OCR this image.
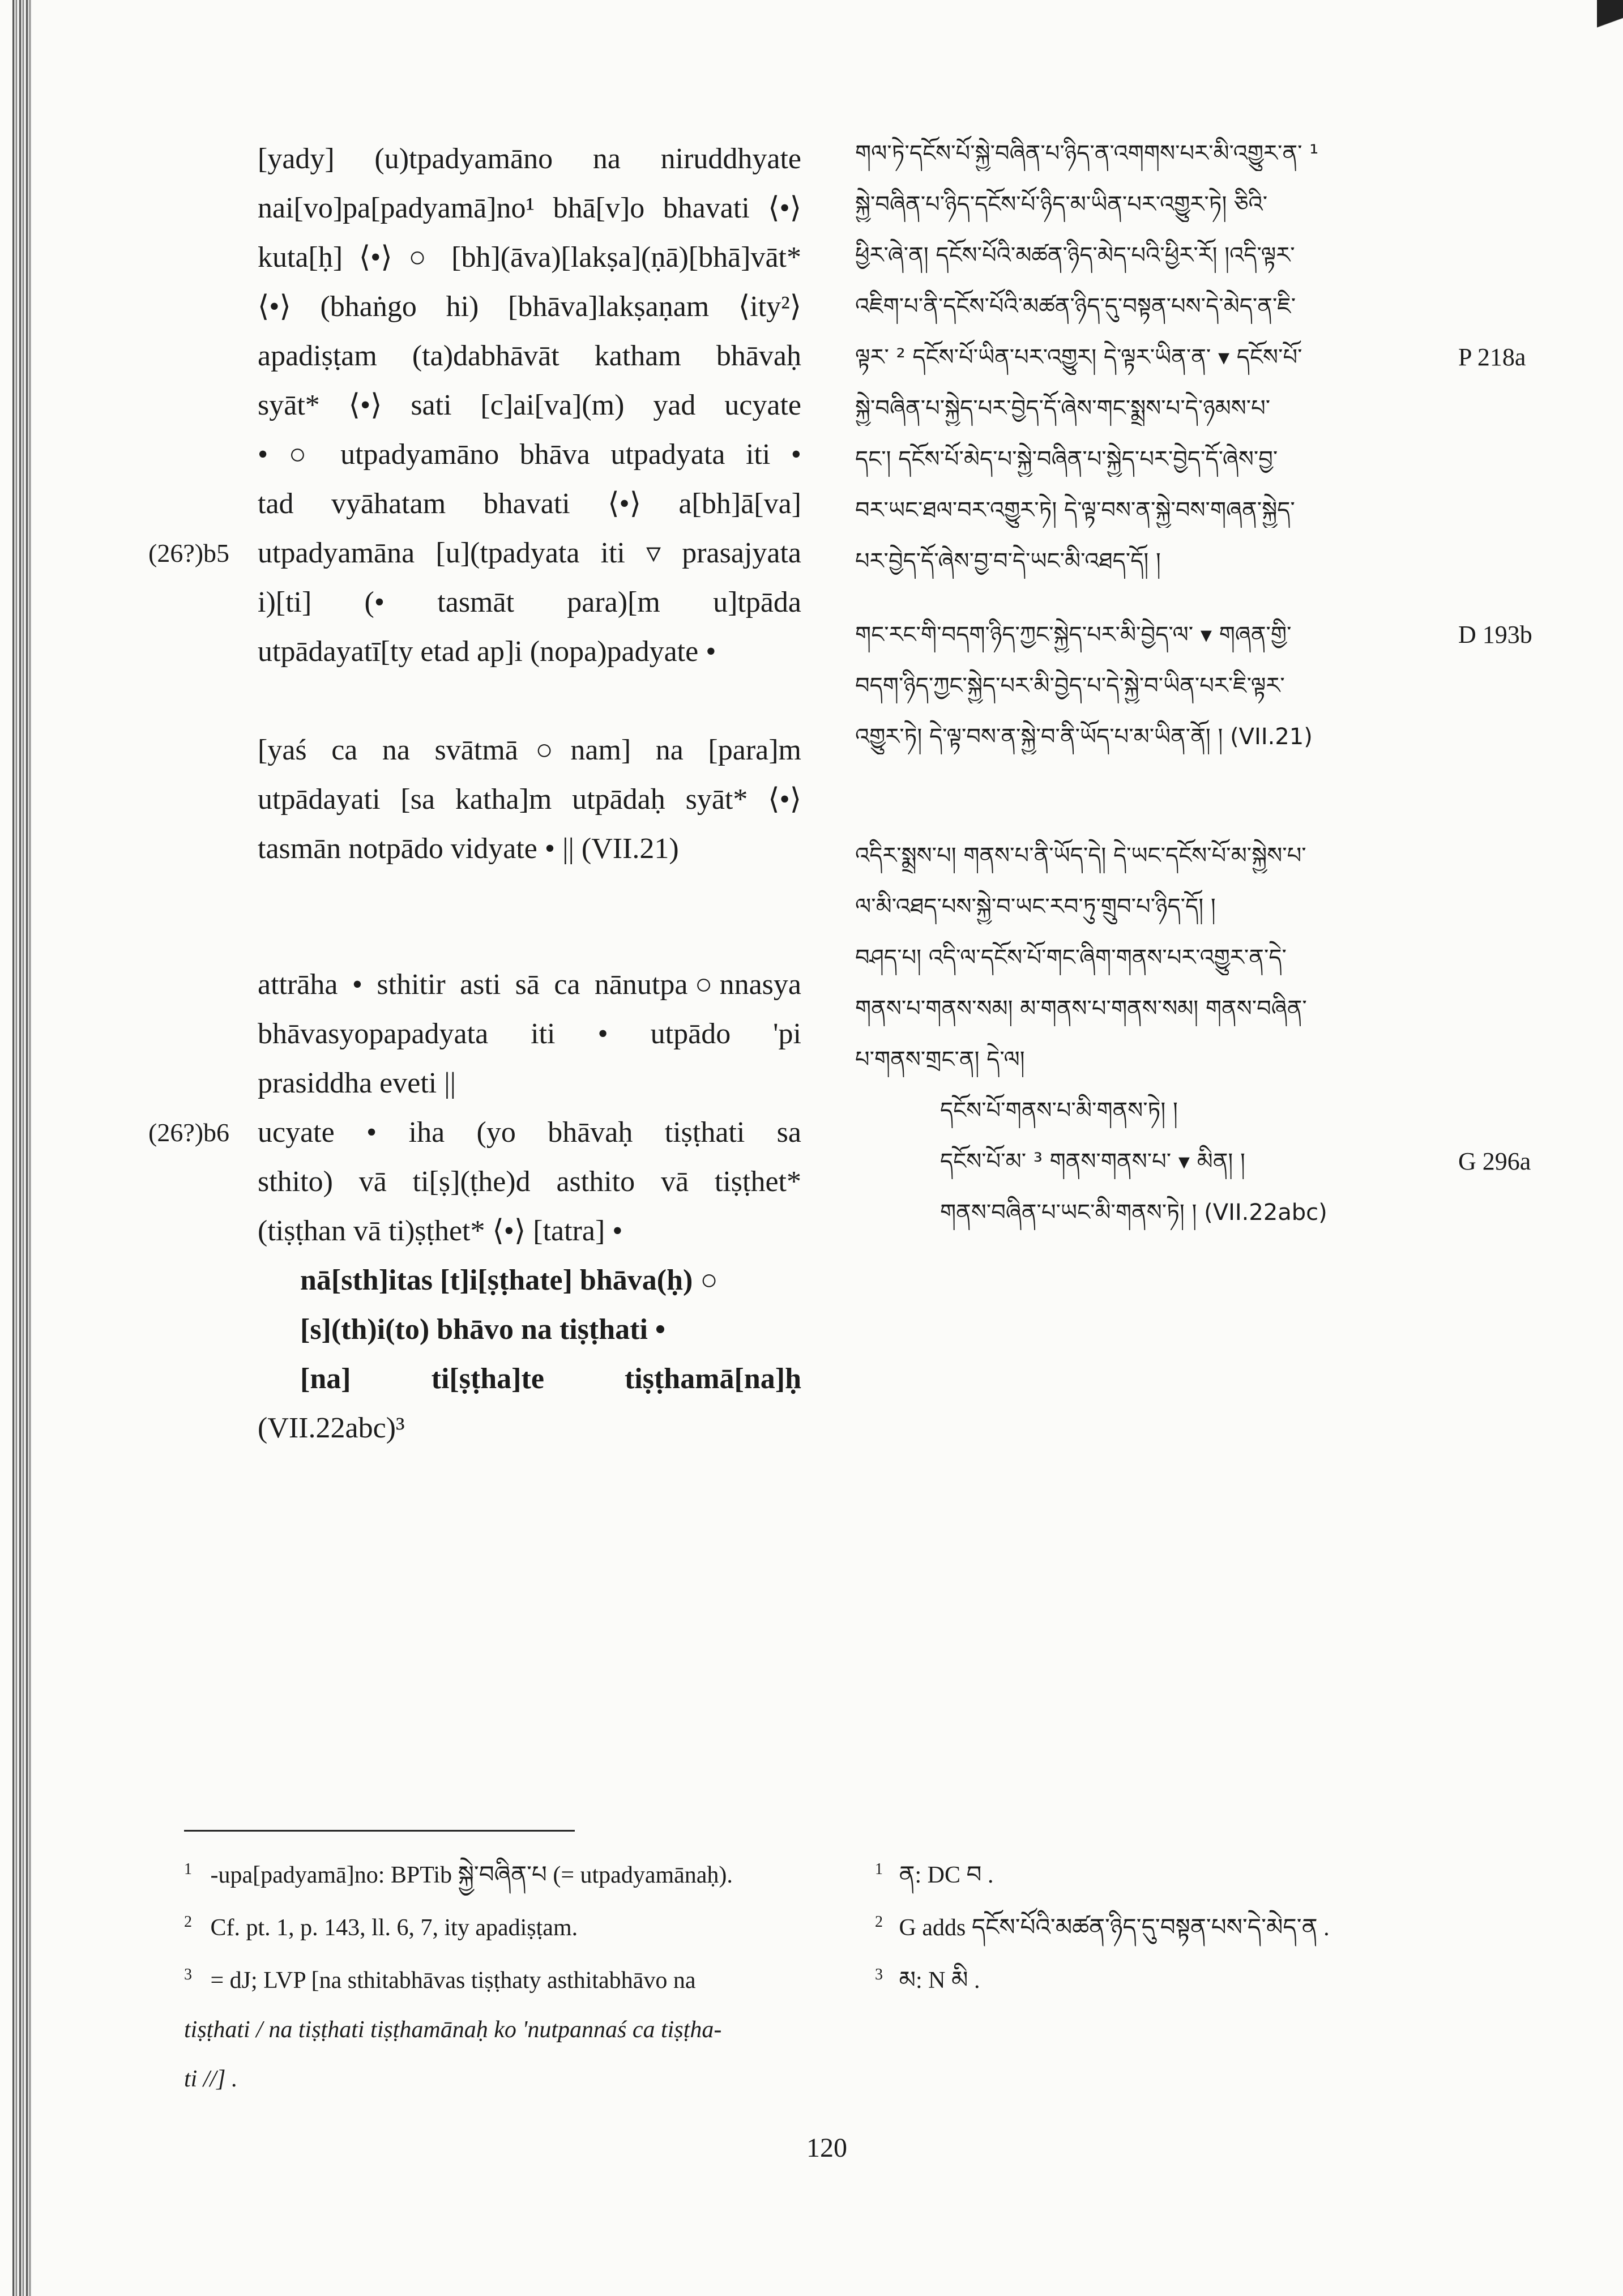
[yady] (u)tpadyamāno na niruddhyate
nai[vo]pa[padyamā]no¹ bhā[v]o bhavati ⟨•⟩
kuta[ḥ] ⟨•⟩ ○ [bh](āva)[lakṣa](ṇā)[bhā]vāt*
⟨•⟩ (bhaṅgo hi) [bhāva]lakṣaṇam ⟨ity²⟩
apadiṣṭam (ta)dabhāvāt katham bhāvaḥ
syāt* ⟨•⟩ sati [c]ai[va](m) yad ucyate
• ○ utpadyamāno bhāva utpadyata iti •
tad vyāhatam bhavati ⟨•⟩ a[bh]ā[va]
(26?)b5 utpadyamāna [u](tpadyata iti ▿ prasajyata
i)[ti] (• tasmāt para)[m u]tpāda
utpādayatī[ty etad ap]i (nopa)padyate •
[yaś ca na svātmā○nam] na [para]m
utpādayati [sa katha]m utpādaḥ syāt* ⟨•⟩
tasmān notpādo vidyate • || (VII.21)
attrāha • sthitir asti sā ca nānutpa○nnasya
bhāvasyopapadyata iti • utpādo 'pi
prasiddha eveti ||
(26?)b6 ucyate • iha (yo bhāvaḥ tiṣṭhati sa
sthito) vā ti[ṣ](ṭhe)d asthito vā tiṣṭhet*
(tiṣṭhan vā ti)ṣṭhet* ⟨•⟩ [tatra] •
nā[sth]itas [t]i[ṣṭhate] bhāva(ḥ) ○
[s](th)i(to) bhāvo na tiṣṭhati •
[na] ti[ṣṭha]te tiṣṭhamā[na]ḥ
(VII.22abc)³
གལ་ཏེ་དངོས་པོ་སྐྱེ་བཞིན་པ་ཉིད་ན་འགགས་པར་མི་འགྱུར་ན་ ¹
སྐྱེ་བཞིན་པ་ཉིད་དངོས་པོ་ཉིད་མ་ཡིན་པར་འགྱུར་ཏེ། ཅིའི་
ཕྱིར་ཞེ་ན། དངོས་པོའི་མཚན་ཉིད་མེད་པའི་ཕྱིར་རོ། །འདི་ལྟར་
འཇིག་པ་ནི་དངོས་པོའི་མཚན་ཉིད་དུ་བསྟན་པས་དེ་མེད་ན་ཇི་
ལྟར་ ² དངོས་པོ་ཡིན་པར་འགྱུར། དེ་ལྟར་ཡིན་ན་ ▾ དངོས་པོ་
སྐྱེ་བཞིན་པ་སྐྱེད་པར་བྱེད་དོ་ཞེས་གང་སྨྲས་པ་དེ་ཉམས་པ་
དང་། དངོས་པོ་མེད་པ་སྐྱེ་བཞིན་པ་སྐྱེད་པར་བྱེད་དོ་ཞེས་བྱ་
བར་ཡང་ཐལ་བར་འགྱུར་ཏེ། དེ་ལྟ་བས་ན་སྐྱེ་བས་གཞན་སྐྱེད་
པར་བྱེད་དོ་ཞེས་བྱ་བ་དེ་ཡང་མི་འཐད་དོ། །
གང་རང་གི་བདག་ཉིད་ཀྱང་སྐྱེད་པར་མི་བྱེད་ལ་ ▾ གཞན་གྱི་
བདག་ཉིད་ཀྱང་སྐྱེད་པར་མི་བྱེད་པ་དེ་སྐྱེ་བ་ཡིན་པར་ཇི་ལྟར་
འགྱུར་ཏེ། དེ་ལྟ་བས་ན་སྐྱེ་བ་ནི་ཡོད་པ་མ་ཡིན་ནོ། ། (VII.21)
འདིར་སྨྲས་པ། གནས་པ་ནི་ཡོད་དེ། དེ་ཡང་དངོས་པོ་མ་སྐྱེས་པ་
ལ་མི་འཐད་པས་སྐྱེ་བ་ཡང་རབ་ཏུ་གྲུབ་པ་ཉིད་དོ། །
བཤད་པ། འདི་ལ་དངོས་པོ་གང་ཞིག་གནས་པར་འགྱུར་ན་དེ་
གནས་པ་གནས་སམ། མ་གནས་པ་གནས་སམ། གནས་བཞིན་
པ་གནས་གྲང་ན། དེ་ལ།
དངོས་པོ་གནས་པ་མི་གནས་ཏེ། །
དངོས་པོ་མ་ ³ གནས་གནས་པ་ ▾ མིན། །
གནས་བཞིན་པ་ཡང་མི་གནས་ཏེ། ། (VII.22abc)
P 218a
D 193b
G 296a
$^1$ -upa[padyamā]no: BPTib སྐྱེ་བཞིན་པ (= utpadyamānaḥ).
$^2$ Cf. pt. 1, p. 143, ll. 6, 7, ity apadiṣṭam.
$^3$ = dJ; LVP [na sthitabhāvas tiṣṭhaty asthitabhāvo na
tiṣṭhati / na tiṣṭhati tiṣṭhamānaḥ ko 'nutpannaś ca tiṣṭha-
ti //] .
$^1$ ན: DC བ .
$^2$ G adds དངོས་པོའི་མཚན་ཉིད་དུ་བསྟན་པས་དེ་མེད་ན .
$^3$ མ: N མི .
120
